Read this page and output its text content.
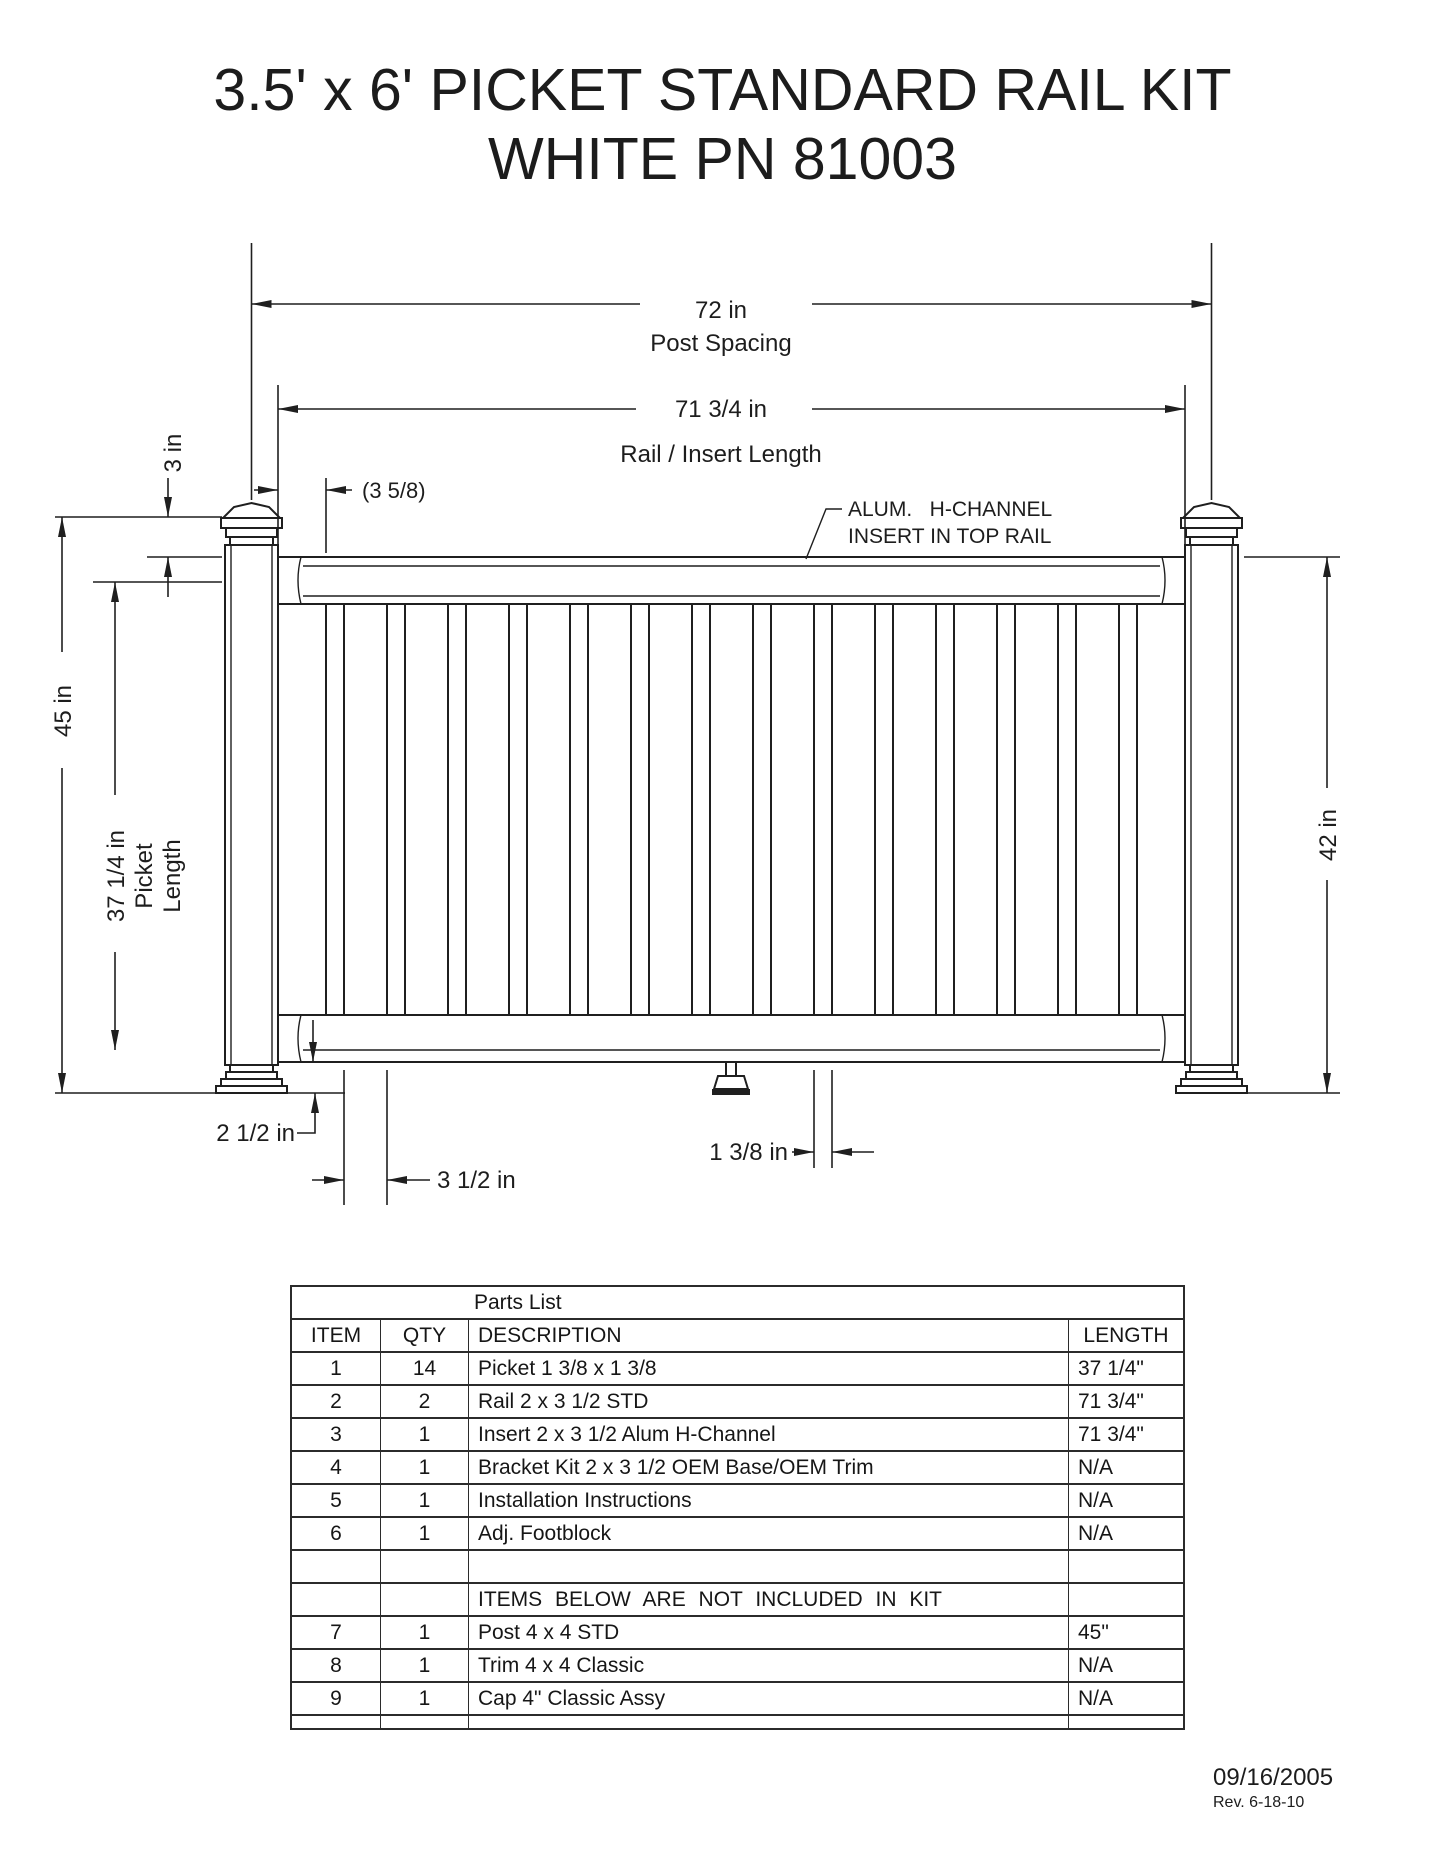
3.5' x 6' PICKET STANDARD RAIL KIT
WHITE PN 81003
72 in
Post Spacing
71 3/4 in
Rail / Insert Length
3 in
(3 5/8)
ALUM.   H-CHANNEL
INSERT IN TOP RAIL
45 in
37 1/4 in Picket Length
42 in
2 1/2 in
3 1/2 in
1 3/8 in
Parts List
ITEM	QTY	DESCRIPTION	LENGTH
1	14	Picket 1 3/8 x 1 3/8	37 1/4"
2	2	Rail 2 x 3 1/2 STD	71 3/4"
3	1	Insert 2 x 3 1/2 Alum H-Channel	71 3/4"
4	1	Bracket Kit 2 x 3 1/2 OEM Base/OEM Trim	N/A
5	1	Installation Instructions	N/A
6	1	Adj. Footblock	N/A
ITEMS BELOW ARE NOT INCLUDED IN KIT
7	1	Post 4 x 4 STD	45"
8	1	Trim 4 x 4 Classic	N/A
9	1	Cap 4" Classic Assy	N/A
09/16/2005
Rev. 6-18-10
